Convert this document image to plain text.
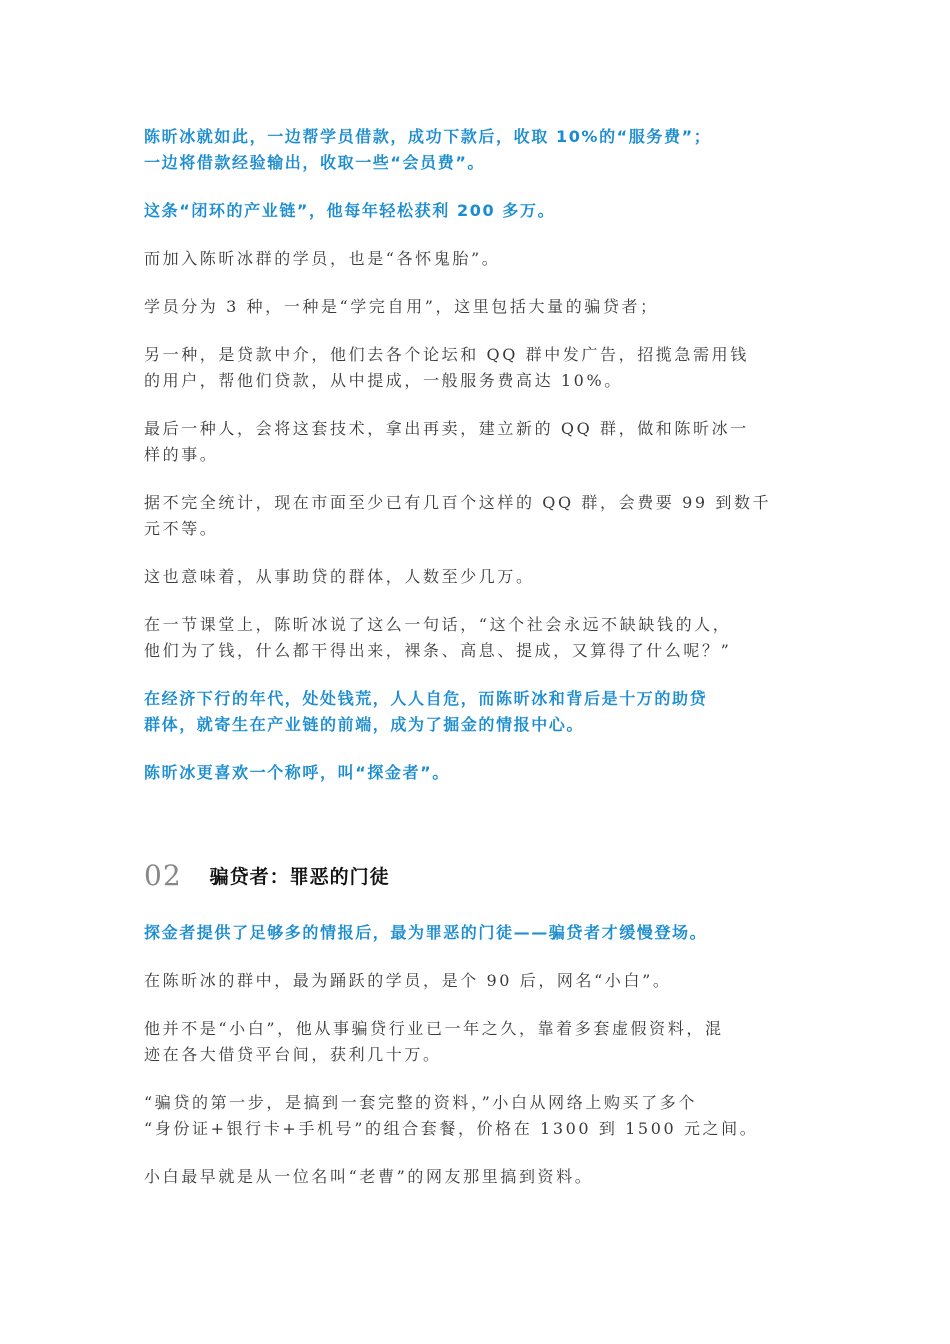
陈昕冰就如此，一边帮学员借款，成功下款后，收取 10%的“服务费”；
一边将借款经验输出，收取一些“会员费”。

这条“闭环的产业链”，他每年轻松获利 200 多万。

而加入陈昕冰群的学员，也是“各怀鬼胎”。

学员分为 3 种，一种是“学完自用”，这里包括大量的骗贷者；

另一种，是贷款中介，他们去各个论坛和 QQ 群中发广告，招揽急需用钱
的用户，帮他们贷款，从中提成，一般服务费高达 10%。

最后一种人，会将这套技术，拿出再卖，建立新的 QQ 群，做和陈昕冰一
样的事。

据不完全统计，现在市面至少已有几百个这样的 QQ 群，会费要 99 到数千
元不等。

这也意味着，从事助贷的群体，人数至少几万。

在一节课堂上，陈昕冰说了这么一句话，“这个社会永远不缺缺钱的人，
他们为了钱，什么都干得出来，裸条、高息、提成，又算得了什么呢？”

在经济下行的年代，处处钱荒，人人自危，而陈昕冰和背后是十万的助贷
群体，就寄生在产业链的前端，成为了掘金的情报中心。

陈昕冰更喜欢一个称呼，叫“探金者”。

02 骗贷者：罪恶的门徒

探金者提供了足够多的情报后，最为罪恶的门徒——骗贷者才缓慢登场。

在陈昕冰的群中，最为踊跃的学员，是个 90 后，网名“小白”。

他并不是“小白”，他从事骗贷行业已一年之久，靠着多套虚假资料，混
迹在各大借贷平台间，获利几十万。

“骗贷的第一步，是搞到一套完整的资料，”小白从网络上购买了多个
“身份证+银行卡+手机号”的组合套餐，价格在 1300 到 1500 元之间。

小白最早就是从一位名叫“老曹”的网友那里搞到资料。
